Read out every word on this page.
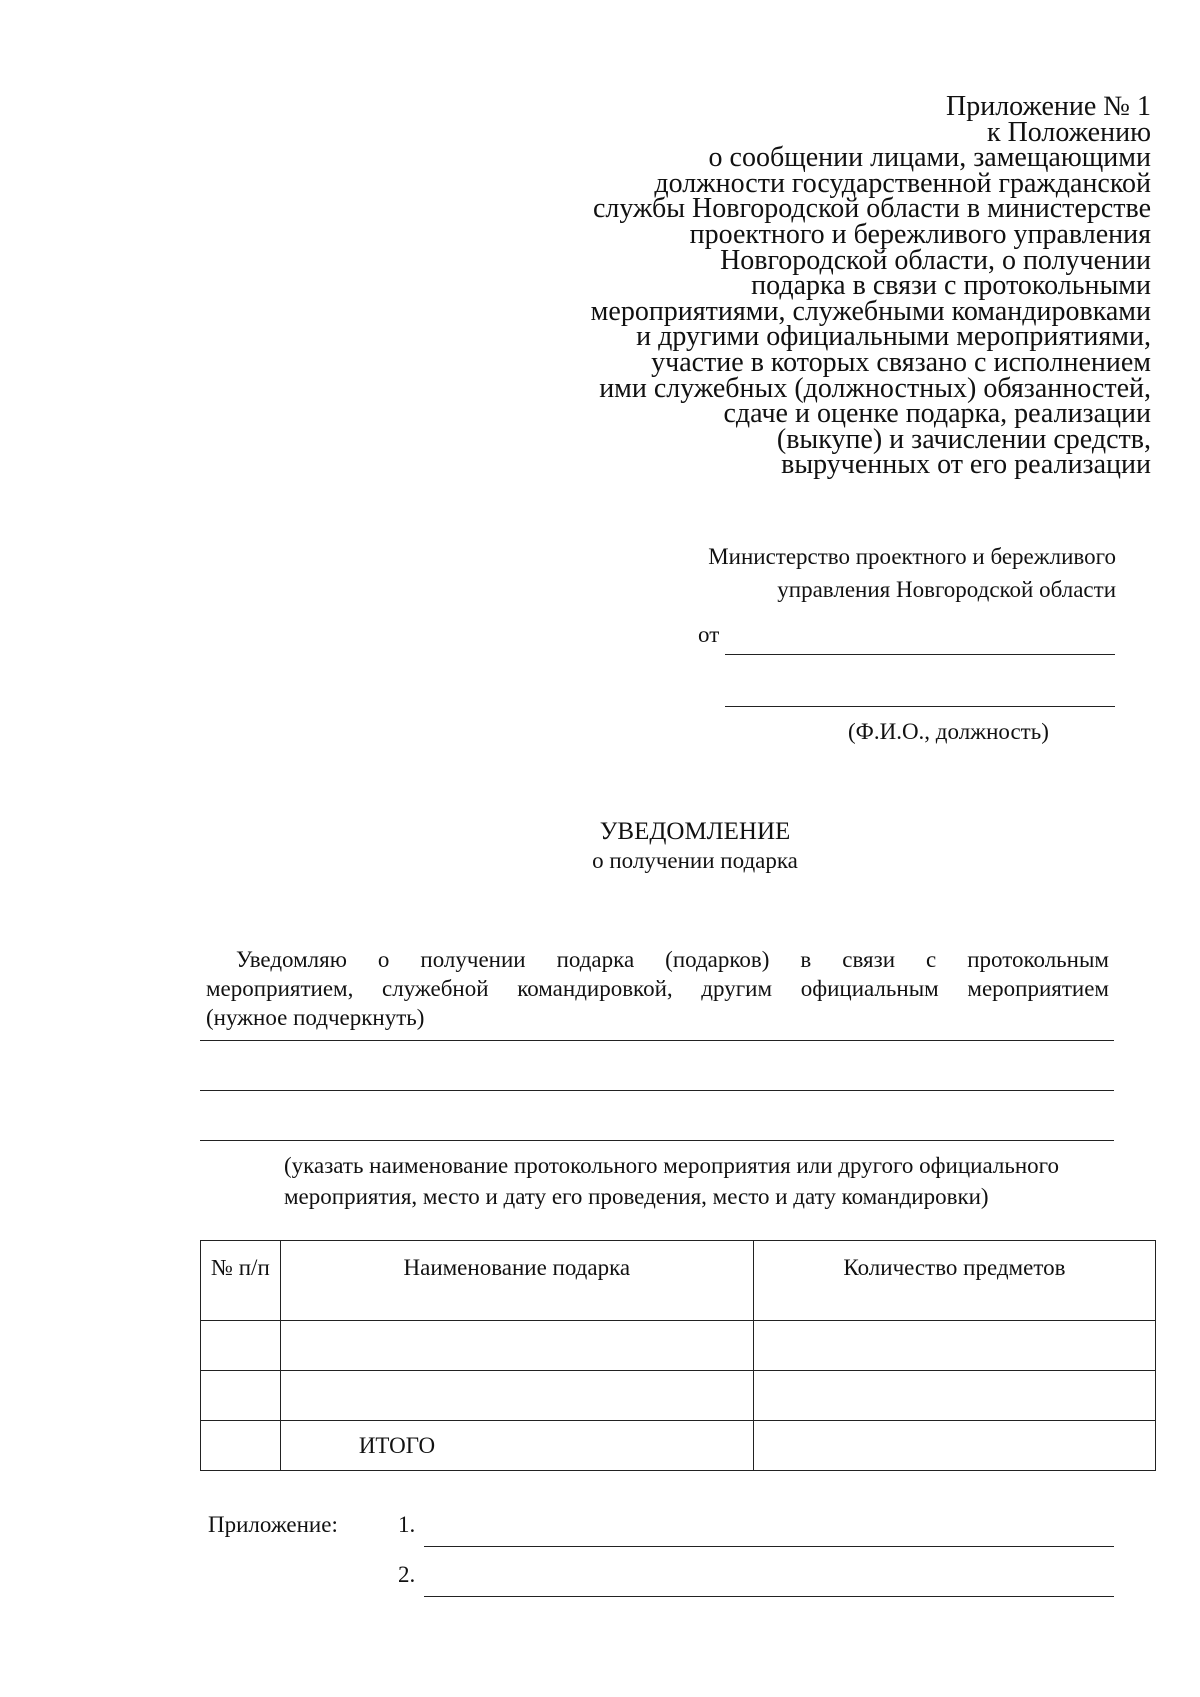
Приложение № 1
к Положению
о сообщении лицами, замещающими
должности государственной гражданской
службы Новгородской области в министерстве
проектного и бережливого управления
Новгородской области, о получении
подарка в связи с протокольными
мероприятиями, служебными командировками
и другими официальными мероприятиями,
участие в которых связано с исполнением
ими служебных (должностных) обязанностей,
сдаче и оценке подарка, реализации
(выкупе) и зачислении средств,
вырученных от его реализации
Министерство проектного и бережливого
управления Новгородской области
от
(Ф.И.О., должность)
УВЕДОМЛЕНИЕ
о получении подарка
Уведомляю о получении подарка (подарков) в связи с протокольным
мероприятием, служебной командировкой, другим официальным мероприятием
(нужное подчеркнуть)
(указать наименование протокольного мероприятия или другого официального
мероприятия, место и дату его проведения, место и дату командировки)
№ п/п	Наименование подарка	Количество предметов

	ИТОГО	
Приложение:	1.
2.
